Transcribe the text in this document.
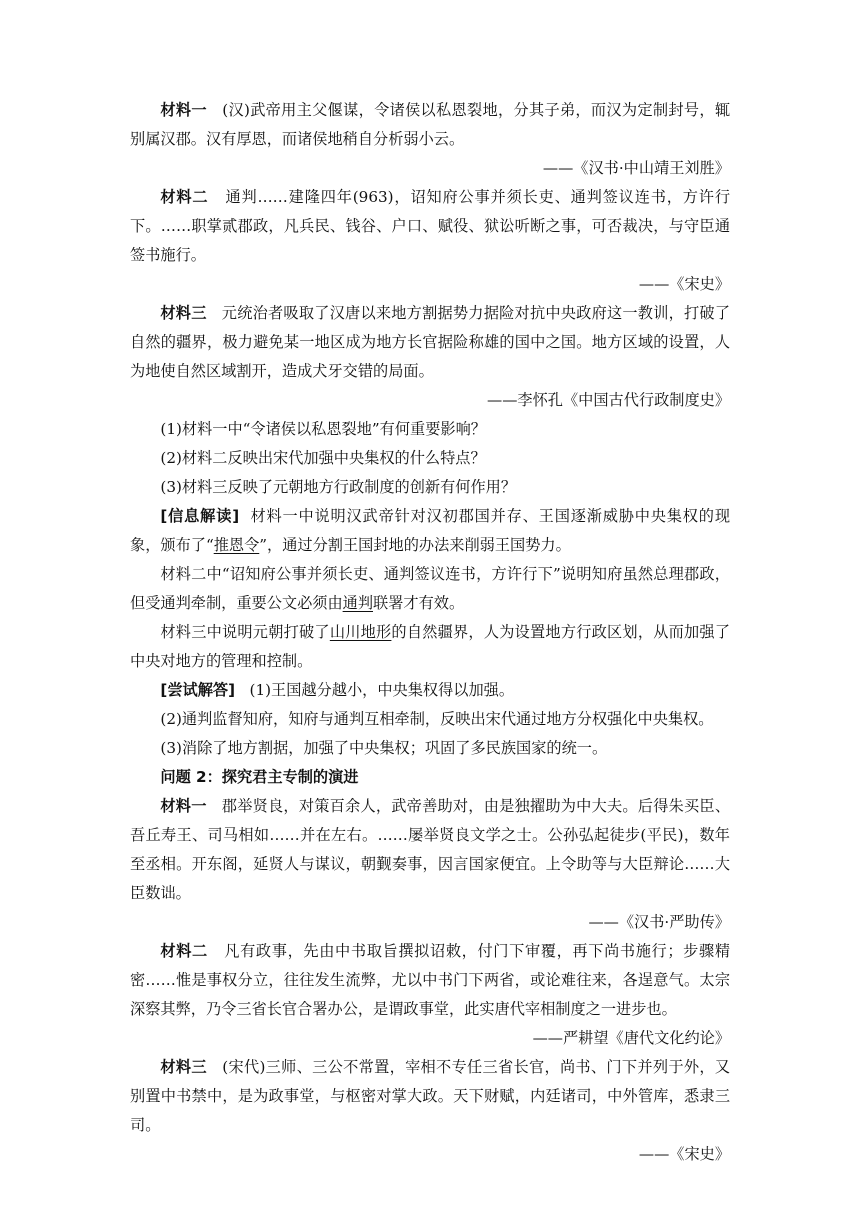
材料一 (汉)武帝用主父偃谋，令诸侯以私恩裂地，分其子弟，而汉为定制封号，辄别属汉郡。汉有厚恩，而诸侯地稍自分析弱小云。

——《汉书·中山靖王刘胜》

材料二 通判……建隆四年(963)，诏知府公事并须长吏、通判签议连书，方许行下。……职掌贰郡政，凡兵民、钱谷、户口、赋役、狱讼听断之事，可否裁决，与守臣通签书施行。

——《宋史》

材料三 元统治者吸取了汉唐以来地方割据势力据险对抗中央政府这一教训，打破了自然的疆界，极力避免某一地区成为地方长官据险称雄的国中之国。地方区域的设置，人为地使自然区域割开，造成犬牙交错的局面。

——李怀孔《中国古代行政制度史》

(1)材料一中“令诸侯以私恩裂地”有何重要影响？

(2)材料二反映出宋代加强中央集权的什么特点？

(3)材料三反映了元朝地方行政制度的创新有何作用？

[信息解读] 材料一中说明汉武帝针对汉初郡国并存、王国逐渐威胁中央集权的现象，颁布了“推恩令”，通过分割王国封地的办法来削弱王国势力。

材料二中“诏知府公事并须长吏、通判签议连书，方许行下”说明知府虽然总理郡政，但受通判牵制，重要公文必须由通判联署才有效。

材料三中说明元朝打破了山川地形的自然疆界，人为设置地方行政区划，从而加强了中央对地方的管理和控制。

[尝试解答] (1)王国越分越小，中央集权得以加强。

(2)通判监督知府，知府与通判互相牵制，反映出宋代通过地方分权强化中央集权。

(3)消除了地方割据，加强了中央集权；巩固了多民族国家的统一。

问题 2：探究君主专制的演进

材料一 郡举贤良，对策百余人，武帝善助对，由是独擢助为中大夫。后得朱买臣、吾丘寿王、司马相如……并在左右。……屡举贤良文学之士。公孙弘起徒步(平民)，数年至丞相。开东阁，延贤人与谋议，朝觐奏事，因言国家便宜。上令助等与大臣辩论……大臣数诎。

——《汉书·严助传》

材料二 凡有政事，先由中书取旨撰拟诏敕，付门下审覆，再下尚书施行；步骤精密……惟是事权分立，往往发生流弊，尤以中书门下两省，或论难往来，各逞意气。太宗深察其弊，乃令三省长官合署办公，是谓政事堂，此实唐代宰相制度之一进步也。

——严耕望《唐代文化约论》

材料三 (宋代)三师、三公不常置，宰相不专任三省长官，尚书、门下并列于外，又别置中书禁中，是为政事堂，与枢密对掌大政。天下财赋，内廷诸司，中外管库，悉隶三司。

——《宋史》
